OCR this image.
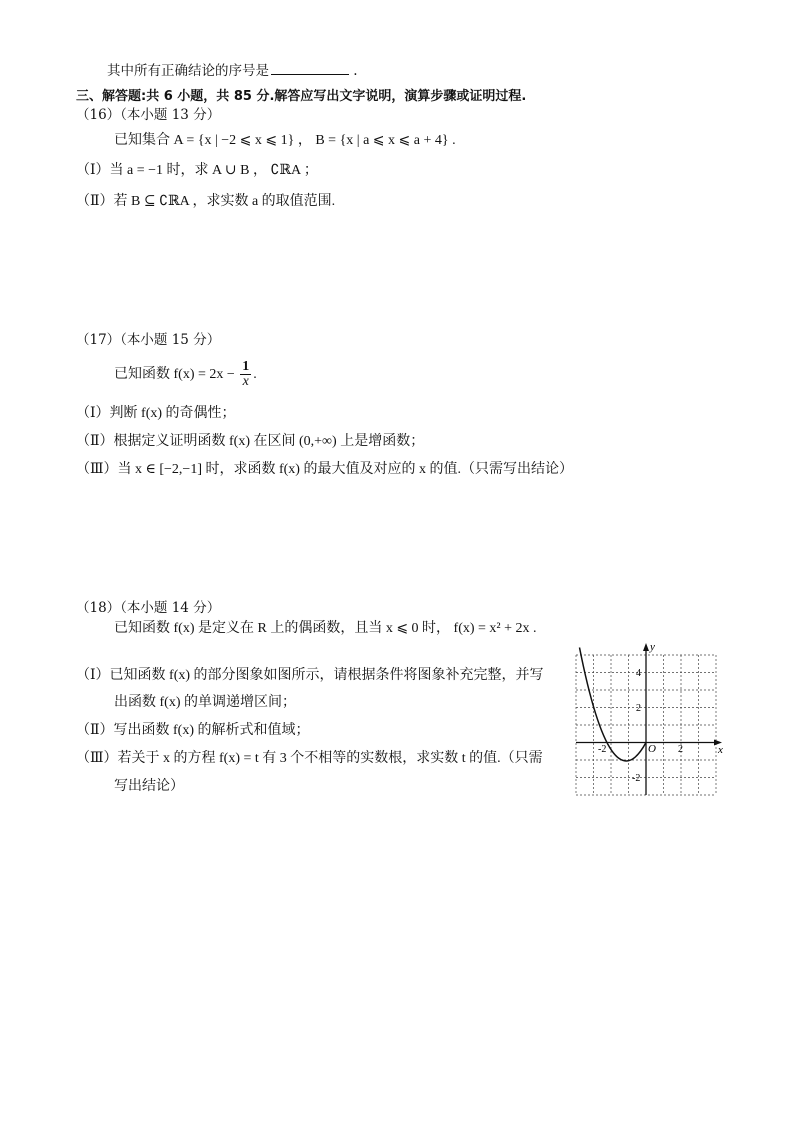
其中所有正确结论的序号是	.
三、解答题:共 6 小题，共 85 分.解答应写出文字说明，演算步骤或证明过程.
（16）（本小题 13 分）
已知集合 A = {x | −2 ⩽ x ⩽ 1} ， B = {x | a ⩽ x ⩽ a + 4} .
（Ⅰ）当 a = −1 时，求 A ∪ B ， ∁ℝA ；
（Ⅱ）若 B ⊆ ∁ℝA ，求实数 a 的取值范围.
（17）（本小题 15 分）
已知函数 $f(x) = 2x - \frac{1}{x}$ .
（Ⅰ）判断 f(x) 的奇偶性；
（Ⅱ）根据定义证明函数 f(x) 在区间 (0,+∞) 上是增函数；
（Ⅲ）当 x ∈ [−2,−1] 时，求函数 f(x) 的最大值及对应的 x 的值.（只需写出结论）
（18）（本小题 14 分）
已知函数 f(x) 是定义在 R 上的偶函数，且当 x ⩽ 0 时， f(x) = x² + 2x .
（Ⅰ）已知函数 f(x) 的部分图象如图所示，请根据条件将图象补充完整，并写
出函数 f(x) 的单调递增区间；
（Ⅱ）写出函数 f(x) 的解析式和值域；
（Ⅲ）若关于 x 的方程 f(x) = t 有 3 个不相等的实数根，求实数 t 的值.（只需
写出结论）
x
y
O
-2	2
4
2
-2
